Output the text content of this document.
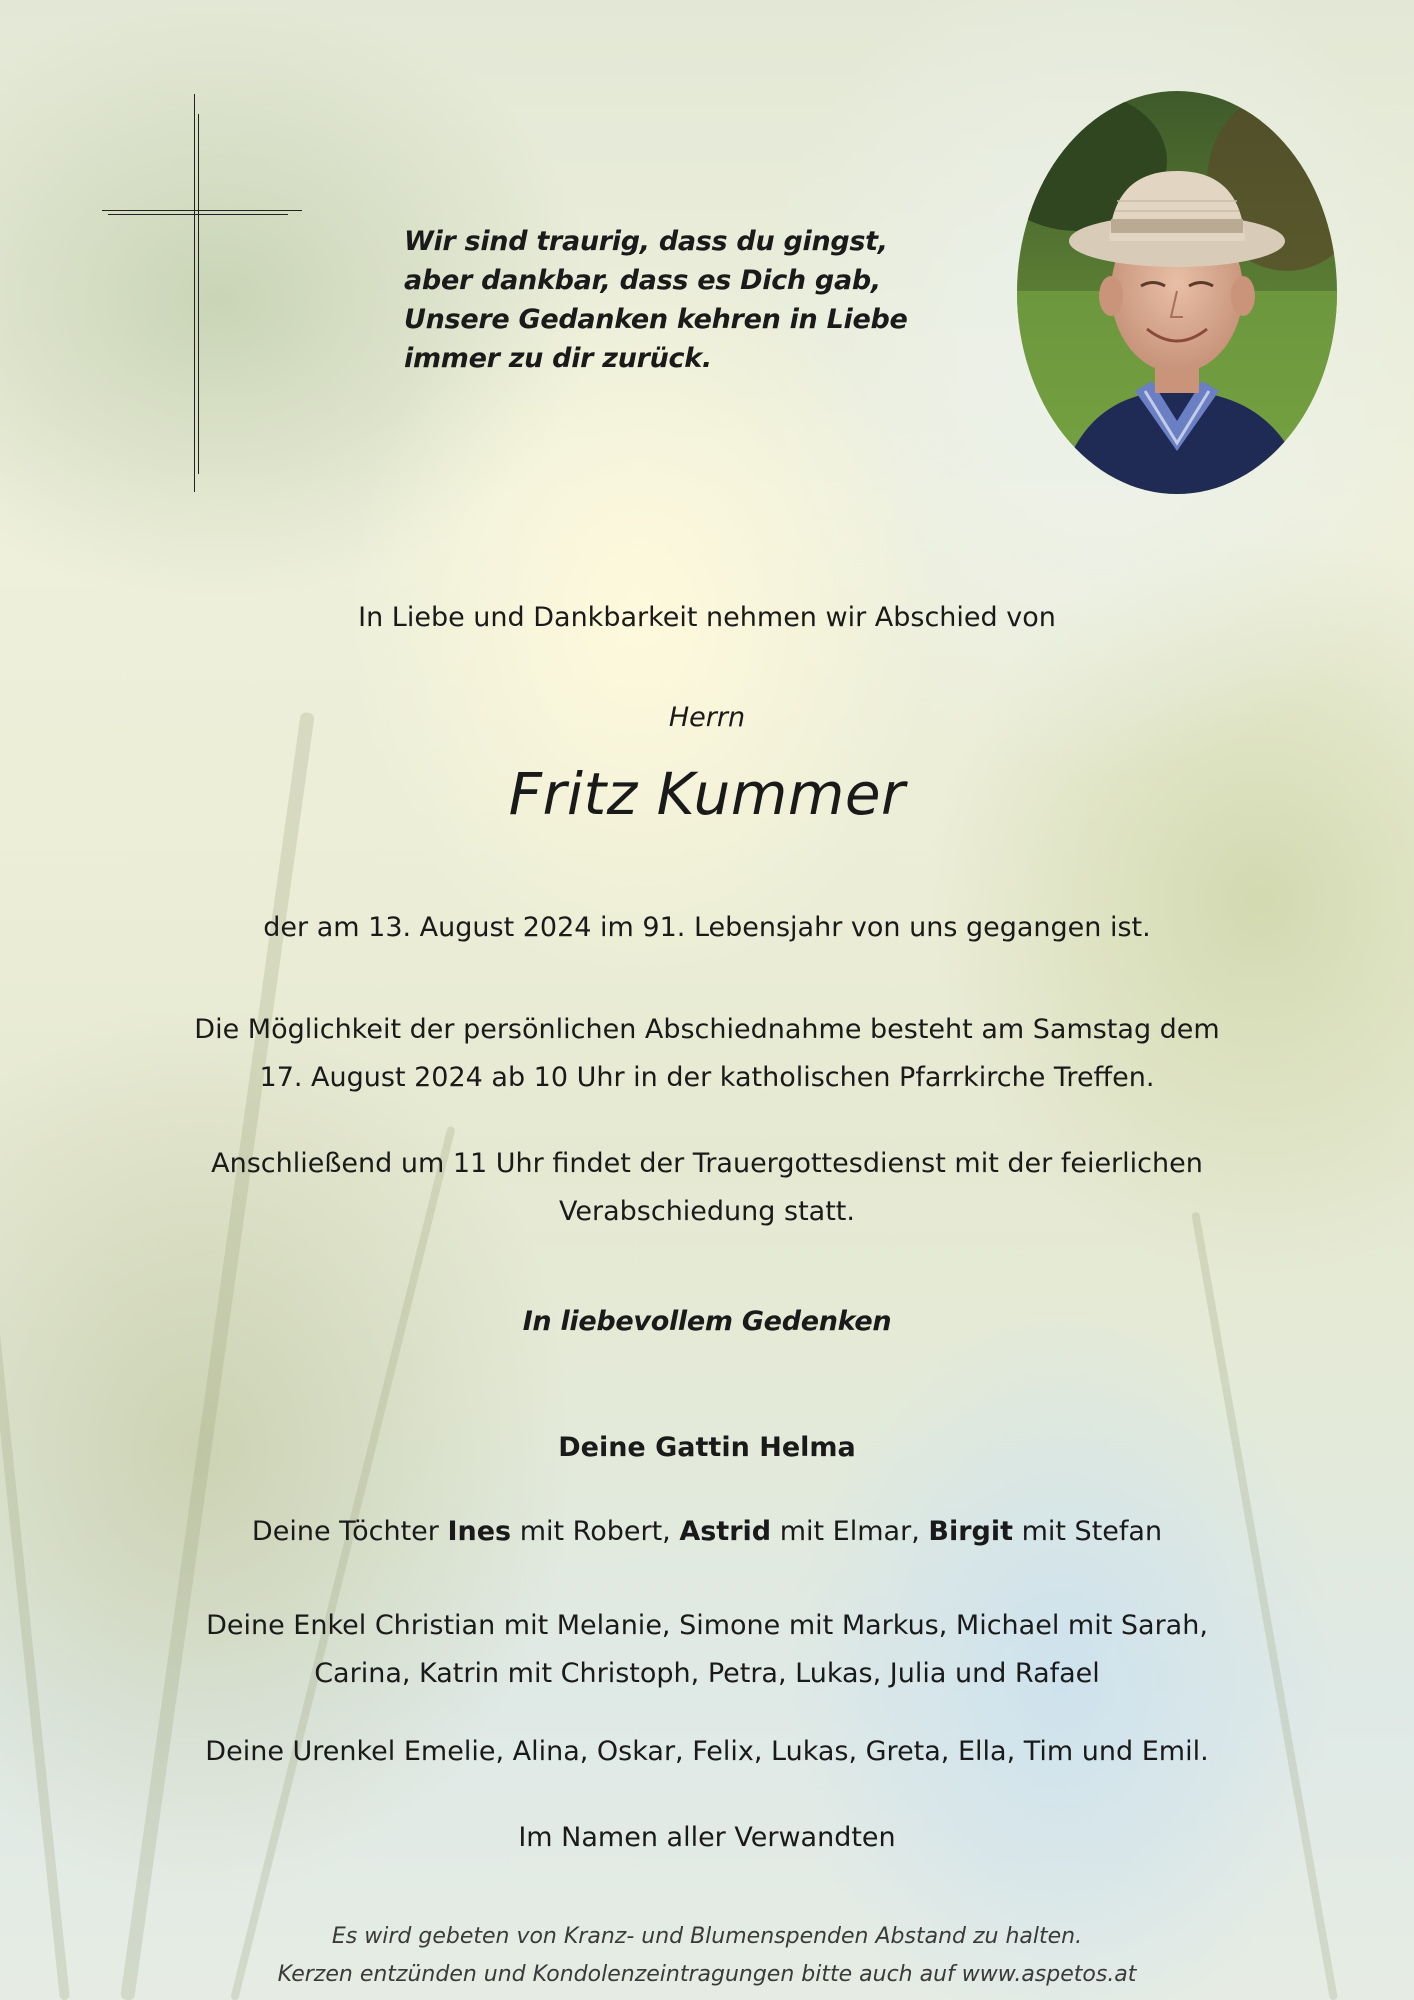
Wir sind traurig, dass du gingst,
aber dankbar, dass es Dich gab,
Unsere Gedanken kehren in Liebe
immer zu dir zurück.
In Liebe und Dankbarkeit nehmen wir Abschied von
Herrn
Fritz Kummer
der am 13. August 2024 im 91. Lebensjahr von uns gegangen ist.
Die Möglichkeit der persönlichen Abschiednahme besteht am Samstag dem
17. August 2024 ab 10 Uhr in der katholischen Pfarrkirche Treffen.
Anschließend um 11 Uhr findet der Trauergottesdienst mit der feierlichen
Verabschiedung statt.
In liebevollem Gedenken
Deine Gattin Helma
Deine Töchter Ines mit Robert, Astrid mit Elmar, Birgit mit Stefan
Deine Enkel Christian mit Melanie, Simone mit Markus, Michael mit Sarah,
Carina, Katrin mit Christoph, Petra, Lukas, Julia und Rafael
Deine Urenkel Emelie, Alina, Oskar, Felix, Lukas, Greta, Ella, Tim und Emil.
Im Namen aller Verwandten
Es wird gebeten von Kranz- und Blumenspenden Abstand zu halten.
Kerzen entzünden und Kondolenzeintragungen bitte auch auf www.aspetos.at
